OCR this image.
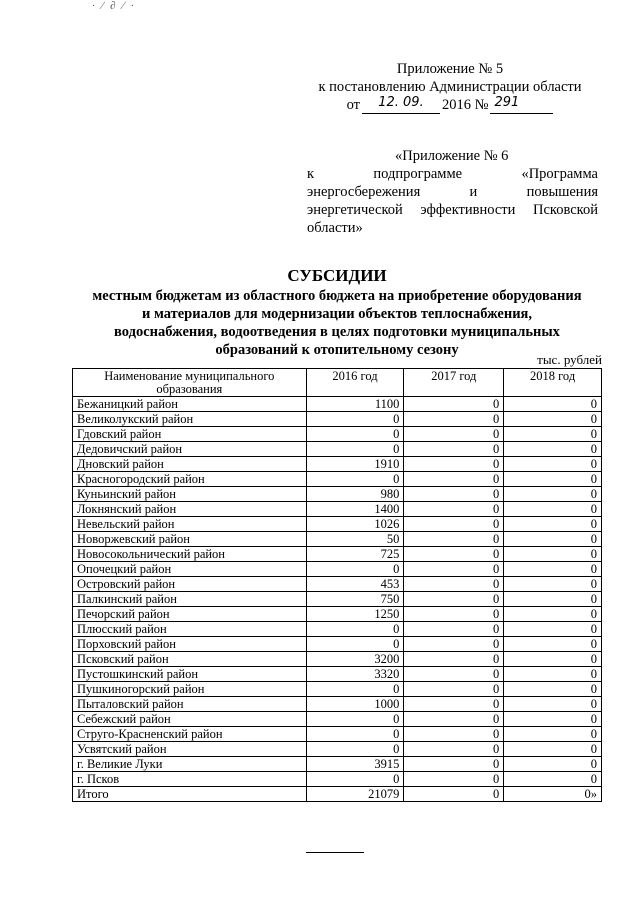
· ∕ ∂ ∕ ·
Приложение № 5
к постановлению Администрации области
от	12. 09.	2016 № 291
«Приложение № 6
к подпрограмме «Программа
энергосбережения и повышения
энергетической эффективности Псковской
области»
СУБСИДИИ
местным бюджетам из областного бюджета на приобретение оборудования
и материалов для модернизации объектов теплоснабжения,
водоснабжения, водоотведения в целях подготовки муниципальных
образований к отопительному сезону
тыс. рублей
Наименование муниципального образования	2016 год	2017 год	2018 год
Бежаницкий район	1100	0	0
Великолукский район	0	0	0
Гдовский район	0	0	0
Дедовичский район	0	0	0
Дновский район	1910	0	0
Красногородский район	0	0	0
Куньинский район	980	0	0
Локнянский район	1400	0	0
Невельский район	1026	0	0
Новоржевский район	50	0	0
Новосокольнический район	725	0	0
Опочецкий район	0	0	0
Островский район	453	0	0
Палкинский район	750	0	0
Печорский район	1250	0	0
Плюсский район	0	0	0
Порховский район	0	0	0
Псковский район	3200	0	0
Пустошкинский район	3320	0	0
Пушкиногорский район	0	0	0
Пыталовский район	1000	0	0
Себежский район	0	0	0
Струго-Красненский район	0	0	0
Усвятский район	0	0	0
г. Великие Луки	3915	0	0
г. Псков	0	0	0
Итого	21079	0	0»
